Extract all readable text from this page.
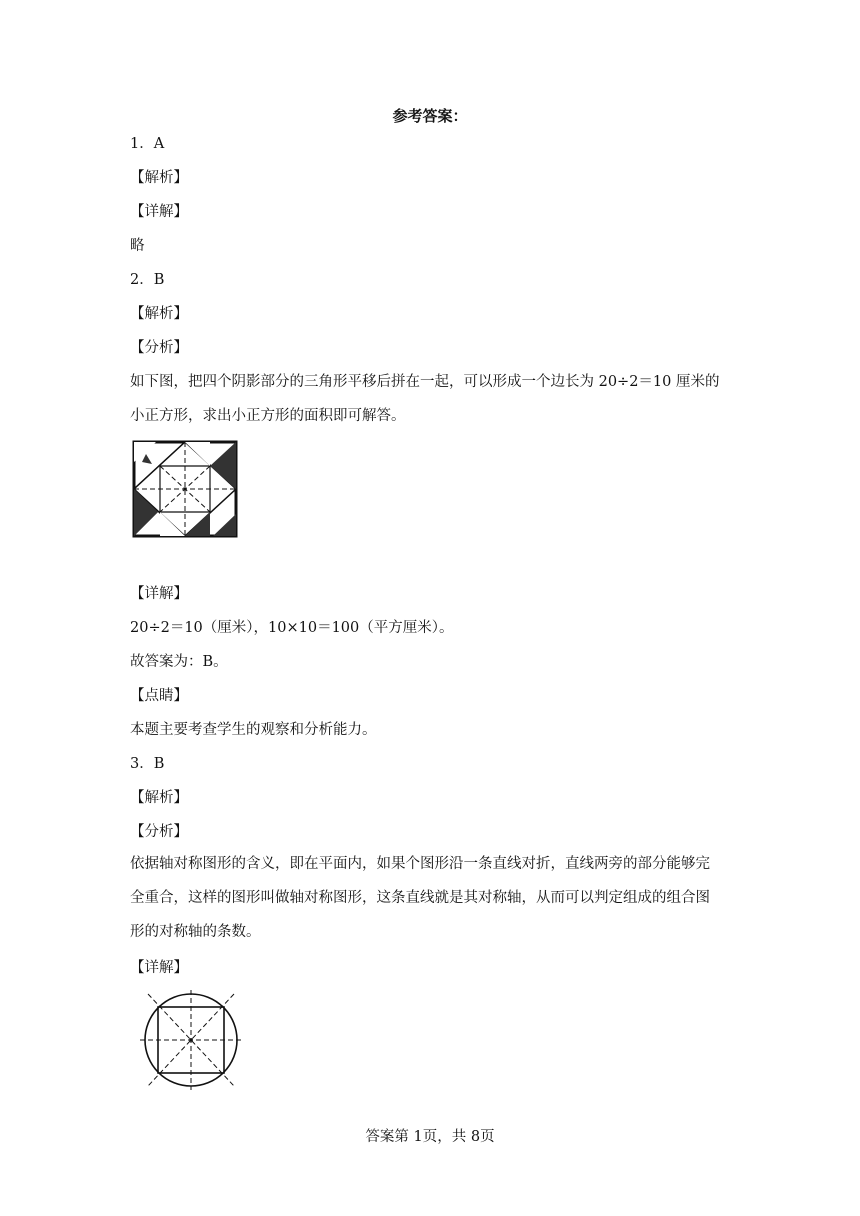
参考答案：
1．A
【解析】
【详解】
略
2．B
【解析】
【分析】
如下图，把四个阴影部分的三角形平移后拼在一起，可以形成一个边长为 20÷2＝10 厘米的
小正方形，求出小正方形的面积即可解答。
【详解】
20÷2＝10（厘米），10×10＝100（平方厘米）。
故答案为：B。
【点睛】
本题主要考查学生的观察和分析能力。
3．B
【解析】
【分析】
依据轴对称图形的含义，即在平面内，如果个图形沿一条直线对折，直线两旁的部分能够完
全重合，这样的图形叫做轴对称图形，这条直线就是其对称轴，从而可以判定组成的组合图
形的对称轴的条数。
【详解】
答案第 1页，共 8页
